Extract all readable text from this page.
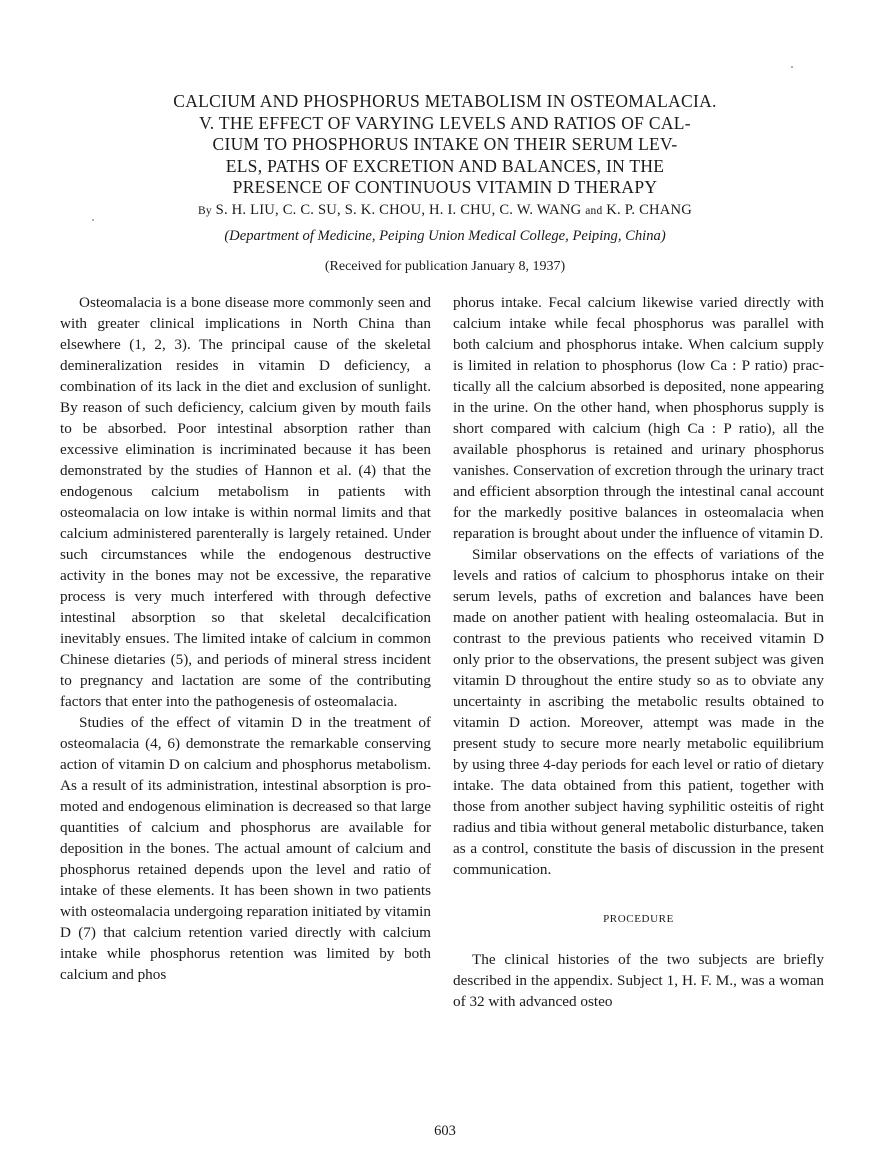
CALCIUM AND PHOSPHORUS METABOLISM IN OSTEOMALACIA.
V. THE EFFECT OF VARYING LEVELS AND RATIOS OF CAL-
CIUM TO PHOSPHORUS INTAKE ON THEIR SERUM LEV-
ELS, PATHS OF EXCRETION AND BALANCES, IN THE
PRESENCE OF CONTINUOUS VITAMIN D THERAPY
By S. H. LIU, C. C. SU, S. K. CHOU, H. I. CHU, C. W. WANG and K. P. CHANG
(Department of Medicine, Peiping Union Medical College, Peiping, China)
(Received for publication January 8, 1937)

Osteomalacia is a bone disease more commonly seen and with greater clinical implications in North China than elsewhere (1, 2, 3). The principal cause of the skeletal demineralization resides in vitamin D deficiency, a combination of its lack in the diet and exclusion of sunlight. By reason of such deficiency, calcium given by mouth fails to be absorbed. Poor intestinal absorption rather than excessive elimination is incriminated because it has been demonstrated by the studies of Hannon et al. (4) that the endogenous calcium metabolism in patients with osteomalacia on low intake is within normal limits and that calcium administered parenterally is largely retained. Under such circumstances while the endogenous destructive activity in the bones may not be excessive, the reparative process is very much interfered with through defective intestinal absorption so that skeletal decalcification inevitably ensues. The limited intake of calcium in common Chinese dietaries (5), and periods of mineral stress incident to pregnancy and lactation are some of the contributing factors that enter into the pathogenesis of osteomalacia.

Studies of the effect of vitamin D in the treatment of osteomalacia (4, 6) demonstrate the remarkable conserving action of vitamin D on calcium and phosphorus metabolism. As a result of its administration, intestinal absorption is promoted and endogenous elimination is decreased so that large quantities of calcium and phosphorus are available for deposition in the bones. The actual amount of calcium and phosphorus retained depends upon the level and ratio of intake of these elements. It has been shown in two patients with osteomalacia undergoing reparation initiated by vitamin D (7) that calcium retention varied directly with calcium intake while phosphorus retention was limited by both calcium and phos

phorus intake. Fecal calcium likewise varied directly with calcium intake while fecal phosphorus was parallel with both calcium and phosphorus intake. When calcium supply is limited in relation to phosphorus (low Ca : P ratio) practically all the calcium absorbed is deposited, none appearing in the urine. On the other hand, when phosphorus supply is short compared with calcium (high Ca : P ratio), all the available phosphorus is retained and urinary phosphorus vanishes. Conservation of excretion through the urinary tract and efficient absorption through the intestinal canal account for the markedly positive balances in osteomalacia when reparation is brought about under the influence of vitamin D.

Similar observations on the effects of variations of the levels and ratios of calcium to phosphorus intake on their serum levels, paths of excretion and balances have been made on another patient with healing osteomalacia. But in contrast to the previous patients who received vitamin D only prior to the observations, the present subject was given vitamin D throughout the entire study so as to obviate any uncertainty in ascribing the metabolic results obtained to vitamin D action. Moreover, attempt was made in the present study to secure more nearly metabolic equilibrium by using three 4-day periods for each level or ratio of dietary intake. The data obtained from this patient, together with those from another subject having syphilitic osteitis of right radius and tibia without general metabolic disturbance, taken as a control, constitute the basis of discussion in the present communication.

PROCEDURE

The clinical histories of the two subjects are briefly described in the appendix. Subject 1, H. F. M., was a woman of 32 with advanced osteo

603
